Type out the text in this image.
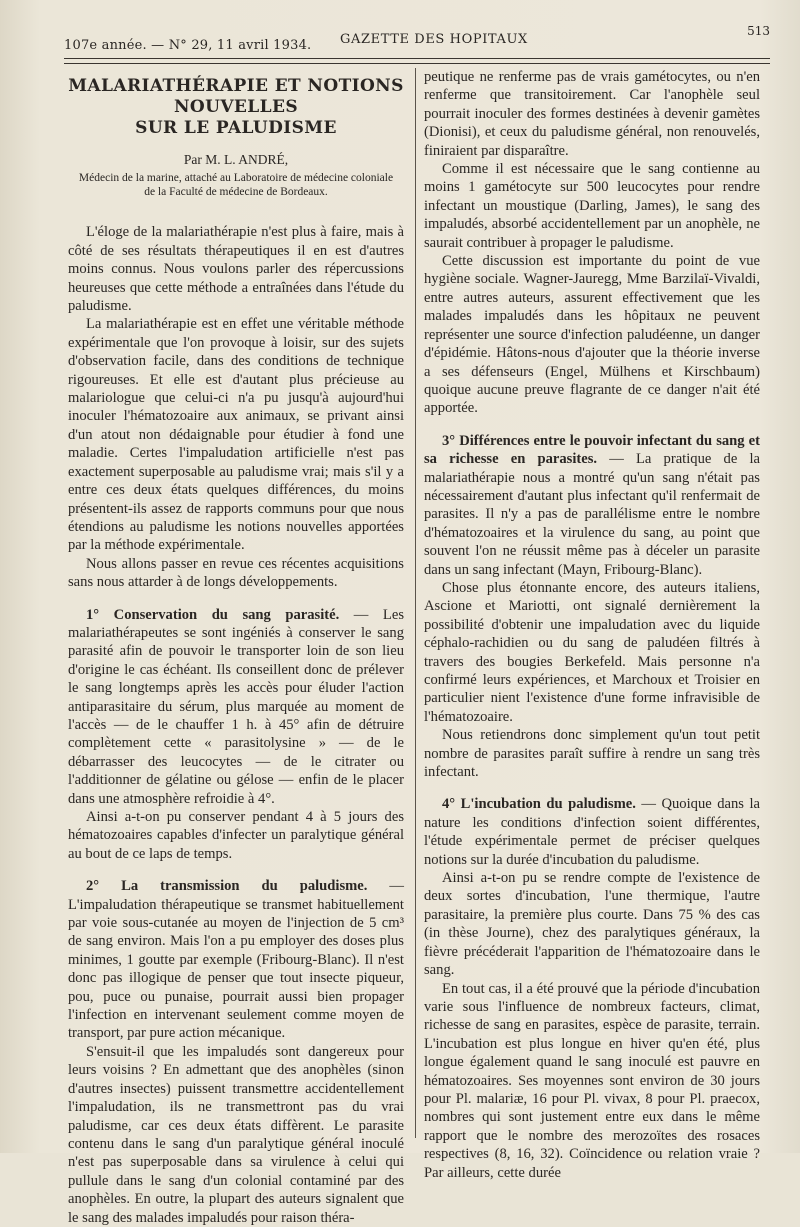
107e année. — N° 29, 11 avril 1934. GAZETTE DES HOPITAUX
513
MALARIATHÉRAPIE ET NOTIONS NOUVELLES
SUR LE PALUDISME
Par M. L. ANDRÉ,
Médecin de la marine, attaché au Laboratoire de médecine coloniale
de la Faculté de médecine de Bordeaux.

L'éloge de la malariathérapie n'est plus à faire, mais à côté de ses résultats thérapeutiques il en est d'autres moins connus. Nous voulons parler des répercussions heureuses que cette méthode a entraînées dans l'étude du paludisme.

La malariathérapie est en effet une véritable méthode expérimentale que l'on provoque à loisir, sur des sujets d'observation facile, dans des conditions de technique rigoureuses. Et elle est d'autant plus précieuse au malariologue que celui-ci n'a pu jusqu'à aujourd'hui inoculer l'hématozoaire aux animaux, se privant ainsi d'un atout non dédaignable pour étudier à fond une maladie. Certes l'impaludation artificielle n'est pas exactement superposable au paludisme vrai; mais s'il y a entre ces deux états quelques différences, du moins présentent-ils assez de rapports communs pour que nous étendions au paludisme les notions nouvelles apportées par la méthode expérimentale.

Nous allons passer en revue ces récentes acquisitions sans nous attarder à de longs développements.

1° Conservation du sang parasité. — Les malariathérapeutes se sont ingéniés à conserver le sang parasité afin de pouvoir le transporter loin de son lieu d'origine le cas échéant. Ils conseillent donc de prélever le sang longtemps après les accès pour éluder l'action antiparasitaire du sérum, plus marquée au moment de l'accès — de le chauffer 1 h. à 45° afin de détruire complètement cette « parasitolysine » — de le débarrasser des leucocytes — de le citrater ou l'additionner de gélatine ou gélose — enfin de le placer dans une atmosphère refroidie à 4°.

Ainsi a-t-on pu conserver pendant 4 à 5 jours des hématozoaires capables d'infecter un paralytique général au bout de ce laps de temps.

2° La transmission du paludisme. — L'impaludation thérapeutique se transmet habituellement par voie sous-cutanée au moyen de l'injection de 5 cm³ de sang environ. Mais l'on a pu employer des doses plus minimes, 1 goutte par exemple (Fribourg-Blanc). Il n'est donc pas illogique de penser que tout insecte piqueur, pou, puce ou punaise, pourrait aussi bien propager l'infection en intervenant seulement comme moyen de transport, par pure action mécanique.

S'ensuit-il que les impaludés sont dangereux pour leurs voisins ? En admettant que des anophèles (sinon d'autres insectes) puissent transmettre accidentellement l'impaludation, ils ne transmettront pas du vrai paludisme, car ces deux états diffèrent. Le parasite contenu dans le sang d'un paralytique général inoculé n'est pas superposable dans sa virulence à celui qui pullule dans le sang d'un colonial contaminé par des anophèles. En outre, la plupart des auteurs signalent que le sang des malades impaludés pour raison théra-

peutique ne renferme pas de vrais gamétocytes, ou n'en renferme que transitoirement. Car l'anophèle seul pourrait inoculer des formes destinées à devenir gamètes (Dionisi), et ceux du paludisme général, non renouvelés, finiraient par disparaître.

Comme il est nécessaire que le sang contienne au moins 1 gamétocyte sur 500 leucocytes pour rendre infectant un moustique (Darling, James), le sang des impaludés, absorbé accidentellement par un anophèle, ne saurait contribuer à propager le paludisme.

Cette discussion est importante du point de vue hygiène sociale. Wagner-Jauregg, Mme Barzilaï-Vivaldi, entre autres auteurs, assurent effectivement que les malades impaludés dans les hôpitaux ne peuvent représenter une source d'infection paludéenne, un danger d'épidémie. Hâtons-nous d'ajouter que la théorie inverse a ses défenseurs (Engel, Mülhens et Kirschbaum) quoique aucune preuve flagrante de ce danger n'ait été apportée.

3° Différences entre le pouvoir infectant du sang et sa richesse en parasites. — La pratique de la malariathérapie nous a montré qu'un sang n'était pas nécessairement d'autant plus infectant qu'il renfermait de parasites. Il n'y a pas de parallélisme entre le nombre d'hématozoaires et la virulence du sang, au point que souvent l'on ne réussit même pas à déceler un parasite dans un sang infectant (Mayn, Fribourg-Blanc).

Chose plus étonnante encore, des auteurs italiens, Ascione et Mariotti, ont signalé dernièrement la possibilité d'obtenir une impaludation avec du liquide céphalo-rachidien ou du sang de paludéen filtrés à travers des bougies Berkefeld. Mais personne n'a confirmé leurs expériences, et Marchoux et Troisier en particulier nient l'existence d'une forme infravisible de l'hématozoaire.

Nous retiendrons donc simplement qu'un tout petit nombre de parasites paraît suffire à rendre un sang très infectant.

4° L'incubation du paludisme. — Quoique dans la nature les conditions d'infection soient différentes, l'étude expérimentale permet de préciser quelques notions sur la durée d'incubation du paludisme.

Ainsi a-t-on pu se rendre compte de l'existence de deux sortes d'incubation, l'une thermique, l'autre parasitaire, la première plus courte. Dans 75 % des cas (in thèse Journe), chez des paralytiques généraux, la fièvre précéderait l'apparition de l'hématozoaire dans le sang.

En tout cas, il a été prouvé que la période d'incubation varie sous l'influence de nombreux facteurs, climat, richesse de sang en parasites, espèce de parasite, terrain. L'incubation est plus longue en hiver qu'en été, plus longue également quand le sang inoculé est pauvre en hématozoaires. Ses moyennes sont environ de 30 jours pour Pl. malariæ, 16 pour Pl. vivax, 8 pour Pl. praecox, nombres qui sont justement entre eux dans le même rapport que le nombre des merozoïtes des rosaces respectives (8, 16, 32). Coïncidence ou relation vraie ? Par ailleurs, cette durée
